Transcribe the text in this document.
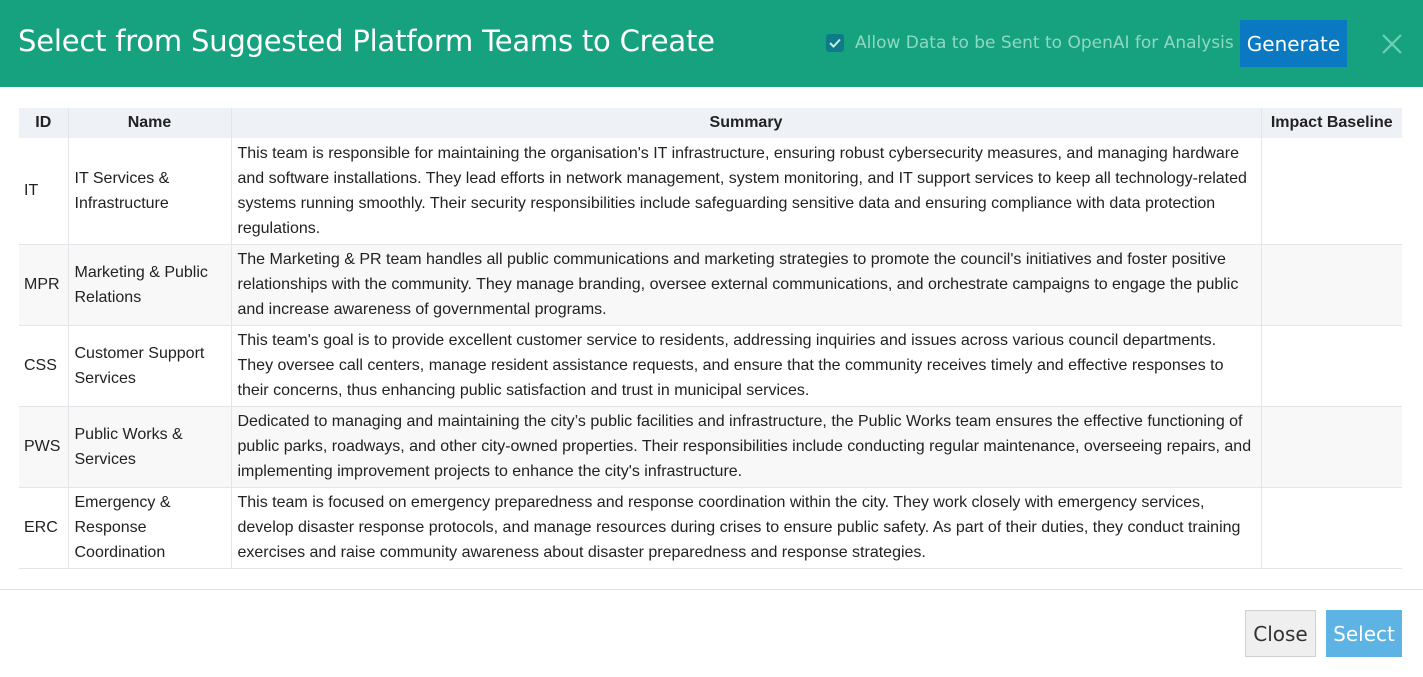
Select from Suggested Platform Teams to Create	Allow Data to be Sent to OpenAI for Analysis Generate
ID	Name	Summary	Impact Baseline
IT	IT Services & Infrastructure	This team is responsible for maintaining the organisation's IT infrastructure, ensuring robust cybersecurity measures, and managing hardware and software installations. They lead efforts in network management, system monitoring, and IT support services to keep all technology-related systems running smoothly. Their security responsibilities include safeguarding sensitive data and ensuring compliance with data protection regulations.	
MPR	Marketing & Public Relations	The Marketing & PR team handles all public communications and marketing strategies to promote the council's initiatives and foster positive relationships with the community. They manage branding, oversee external communications, and orchestrate campaigns to engage the public and increase awareness of governmental programs.	
CSS	Customer Support Services	This team's goal is to provide excellent customer service to residents, addressing inquiries and issues across various council departments. They oversee call centers, manage resident assistance requests, and ensure that the community receives timely and effective responses to their concerns, thus enhancing public satisfaction and trust in municipal services.	
PWS	Public Works & Services	Dedicated to managing and maintaining the city’s public facilities and infrastructure, the Public Works team ensures the effective functioning of public parks, roadways, and other city-owned properties. Their responsibilities include conducting regular maintenance, overseeing repairs, and implementing improvement projects to enhance the city's infrastructure.	
ERC	Emergency & Response Coordination	This team is focused on emergency preparedness and response coordination within the city. They work closely with emergency services, develop disaster response protocols, and manage resources during crises to ensure public safety. As part of their duties, they conduct training exercises and raise community awareness about disaster preparedness and response strategies.	
Close	Select
